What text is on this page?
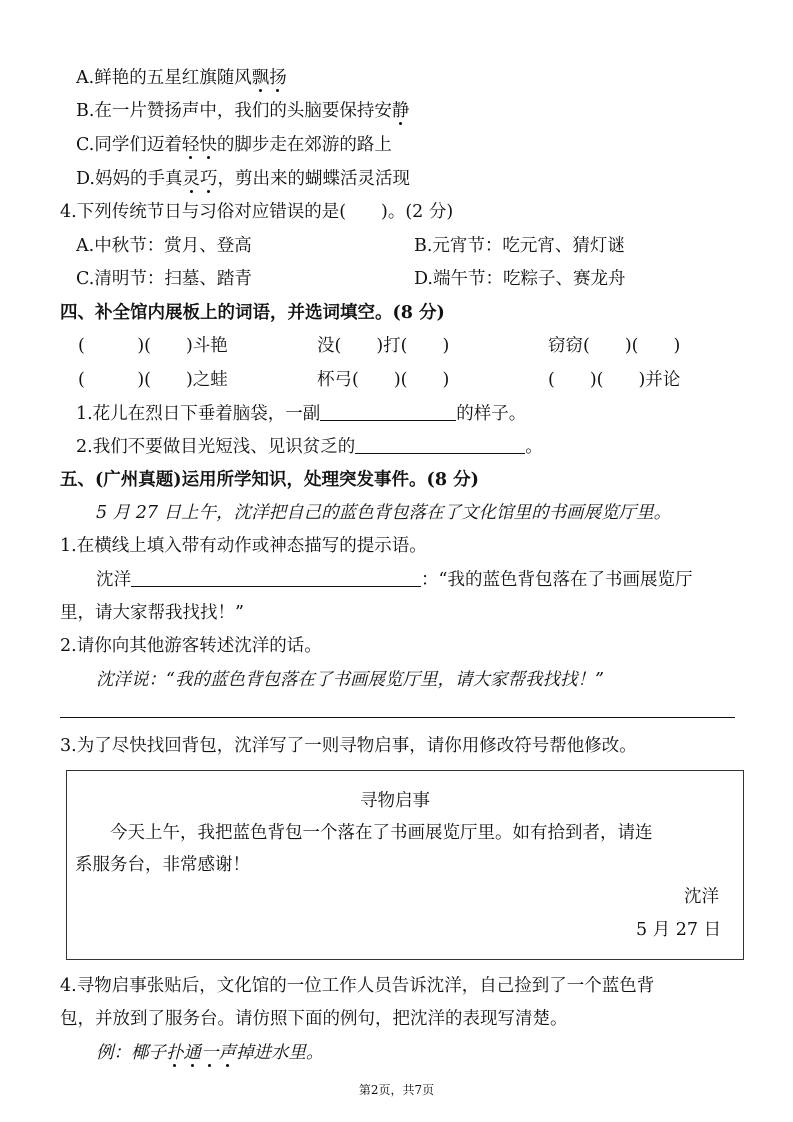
A.鲜艳的五星红旗随风飘扬
B.在一片赞扬声中，我们的头脑要保持安静
C.同学们迈着轻快的脚步走在郊游的路上
D.妈妈的手真灵巧，剪出来的蝴蝶活灵活现
4.下列传统节日与习俗对应错误的是(　　)。(2 分)
A.中秋节：赏月、登高	B.元宵节：吃元宵、猜灯谜
C.清明节：扫墓、踏青	D.端午节：吃粽子、赛龙舟
四、补全馆内展板上的词语，并选词填空。(8 分)
(　　　)(　　)斗艳	没(　　)打(　　)	窃窃(　　)(　　)
(　　　)(　　)之蛙	杯弓(　　)(　　)	(　　)(　　)并论
1.花儿在烈日下垂着脑袋，一副	的样子。
2.我们不要做目光短浅、见识贫乏的	。
五、(广州真题)运用所学知识，处理突发事件。(8 分)
5 月 27 日上午，沈洋把自己的蓝色背包落在了文化馆里的书画展览厅里。
1.在横线上填入带有动作或神态描写的提示语。
沈洋	：“我的蓝色背包落在了书画展览厅
里，请大家帮我找找！”
2.请你向其他游客转述沈洋的话。
沈洋说：“我的蓝色背包落在了书画展览厅里，请大家帮我找找！”
3.为了尽快找回背包，沈洋写了一则寻物启事，请你用修改符号帮他修改。
寻物启事
今天上午，我把蓝色背包一个落在了书画展览厅里。如有拾到者，请连
系服务台，非常感谢！
沈洋
5 月 27 日
4.寻物启事张贴后，文化馆的一位工作人员告诉沈洋，自己捡到了一个蓝色背
包，并放到了服务台。请仿照下面的例句，把沈洋的表现写清楚。
例：椰子扑通一声掉进水里。
第2页，共7页
